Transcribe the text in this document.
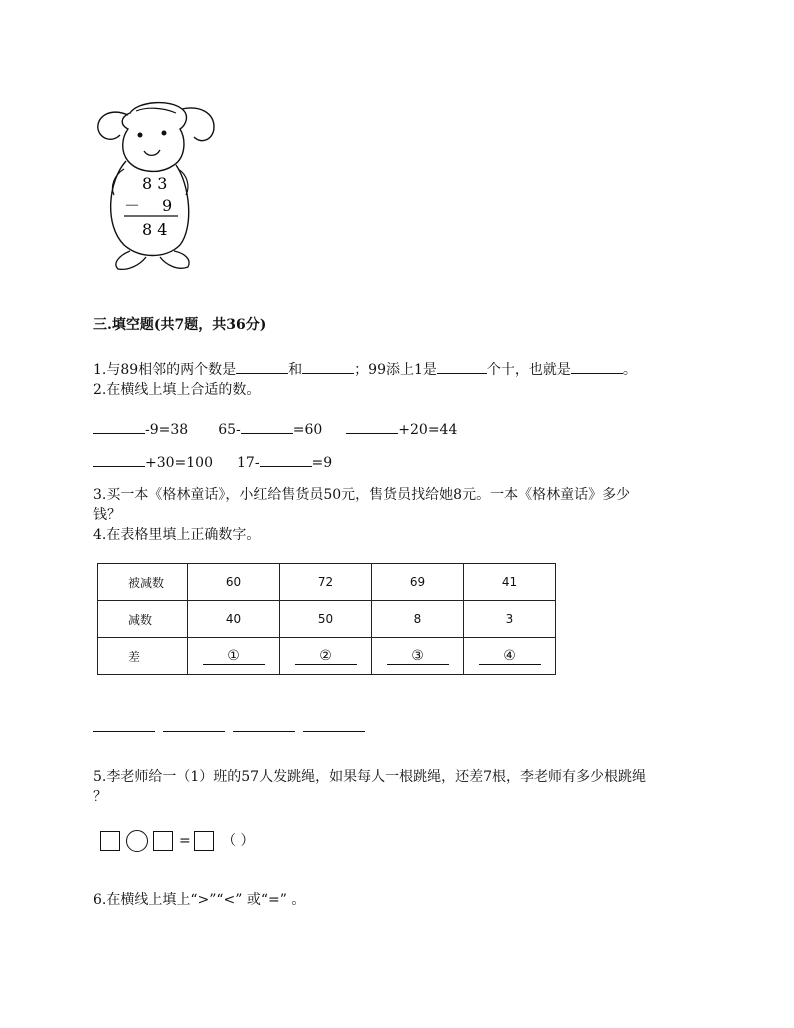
8 3
－ 9
8 4
三.填空题(共7题，共36分)
1.与89相邻的两个数是	和	；99添上1是	个十，也就是	。
2.在横线上填上合适的数。
-9=38 65-	=60	+20=44
+30=100 17-	=9
3.买一本《格林童话》，小红给售货员50元，售货员找给她8元。一本《格林童话》多少
钱？
4.在表格里填上正确数字。
被减数	60	72	69	41
减数	40	50	8	3
差	①	②	③	④
5.李老师给一（1）班的57人发跳绳，如果每人一根跳绳，还差7根，李老师有多少根跳绳
？
= （ ）
6.在横线上填上“>”“<” 或“=” 。
